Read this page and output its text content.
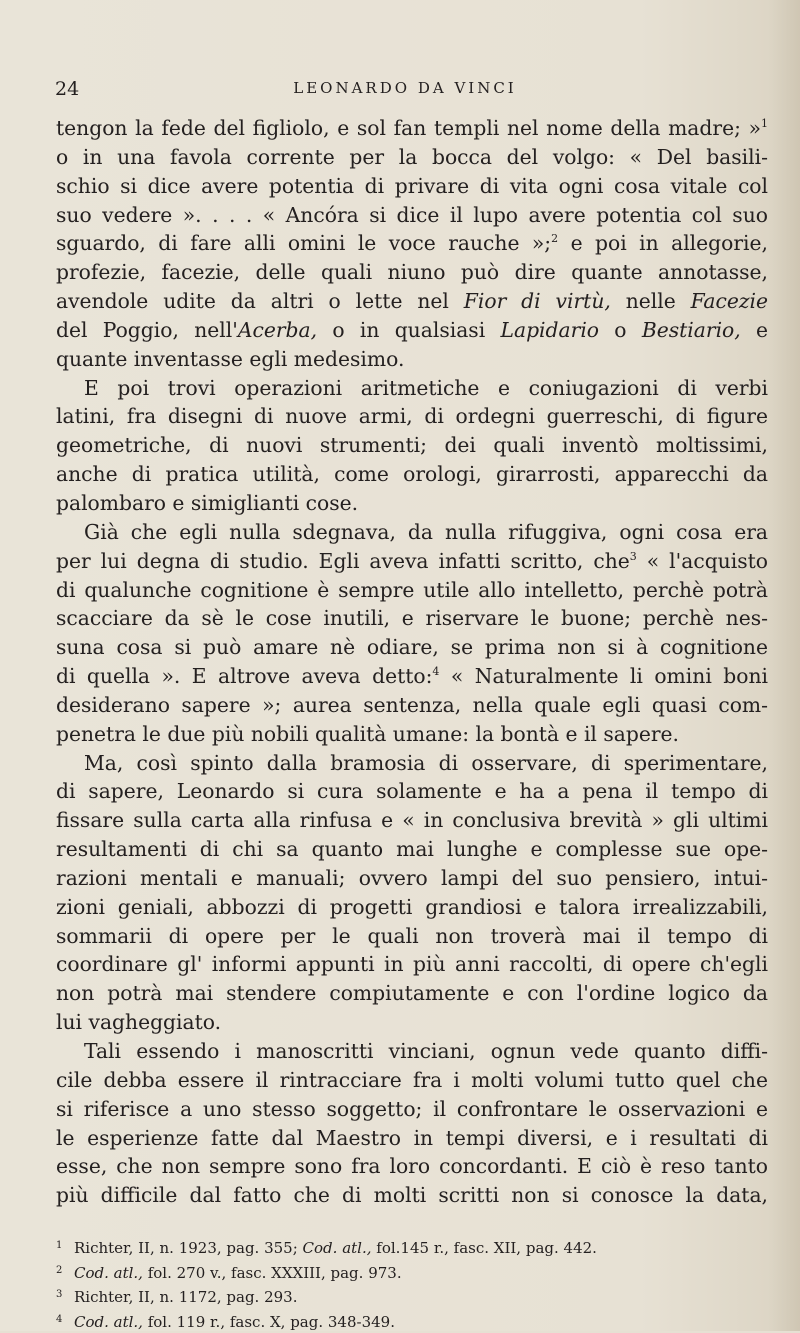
24	LEONARDO DA VINCI
tengon la fede del figliolo, e sol fan templi nel nome della madre; »$^1$
o in una favola corrente per la bocca del volgo: « Del basili-
schio si dice avere potentia di privare di vita ogni cosa vitale col
suo vedere ». . . . « Ancóra si dice il lupo avere potentia col suo
sguardo, di fare alli omini le voce rauche »;$^2$ e poi in allegorie,
profezie, facezie, delle quali niuno può dire quante annotasse,
avendole udite da altri o lette nel Fior di virtù, nelle Facezie
del Poggio, nell'Acerba, o in qualsiasi Lapidario o Bestiario, e
quante inventasse egli medesimo.
E poi trovi operazioni aritmetiche e coniugazioni di verbi
latini, fra disegni di nuove armi, di ordegni guerreschi, di figure
geometriche, di nuovi strumenti; dei quali inventò moltissimi,
anche di pratica utilità, come orologi, girarrosti, apparecchi da
palombaro e simiglianti cose.
Già che egli nulla sdegnava, da nulla rifuggiva, ogni cosa era
per lui degna di studio. Egli aveva infatti scritto, che$^3$ « l'acquisto
di qualunche cognitione è sempre utile allo intelletto, perchè potrà
scacciare da sè le cose inutili, e riservare le buone; perchè nes-
suna cosa si può amare nè odiare, se prima non si à cognitione
di quella ». E altrove aveva detto:$^4$ « Naturalmente li omini boni
desiderano sapere »; aurea sentenza, nella quale egli quasi com-
penetra le due più nobili qualità umane: la bontà e il sapere.
Ma, così spinto dalla bramosia di osservare, di sperimentare,
di sapere, Leonardo si cura solamente e ha a pena il tempo di
fissare sulla carta alla rinfusa e « in conclusiva brevità » gli ultimi
resultamenti di chi sa quanto mai lunghe e complesse sue ope-
razioni mentali e manuali; ovvero lampi del suo pensiero, intui-
zioni geniali, abbozzi di progetti grandiosi e talora irrealizzabili,
sommarii di opere per le quali non troverà mai il tempo di
coordinare gl' informi appunti in più anni raccolti, di opere ch'egli
non potrà mai stendere compiutamente e con l'ordine logico da
lui vagheggiato.
Tali essendo i manoscritti vinciani, ognun vede quanto diffi-
cile debba essere il rintracciare fra i molti volumi tutto quel che
si riferisce a uno stesso soggetto; il confrontare le osservazioni e
le esperienze fatte dal Maestro in tempi diversi, e i resultati di
esse, che non sempre sono fra loro concordanti. E ciò è reso tanto
più difficile dal fatto che di molti scritti non si conosce la data,
1 Richter, II, n. 1923, pag. 355; Cod. atl., fol.145 r., fasc. XII, pag. 442.
2 Cod. atl., fol. 270 v., fasc. XXXIII, pag. 973.
3 Richter, II, n. 1172, pag. 293.
4 Cod. atl., fol. 119 r., fasc. X, pag. 348-349.
